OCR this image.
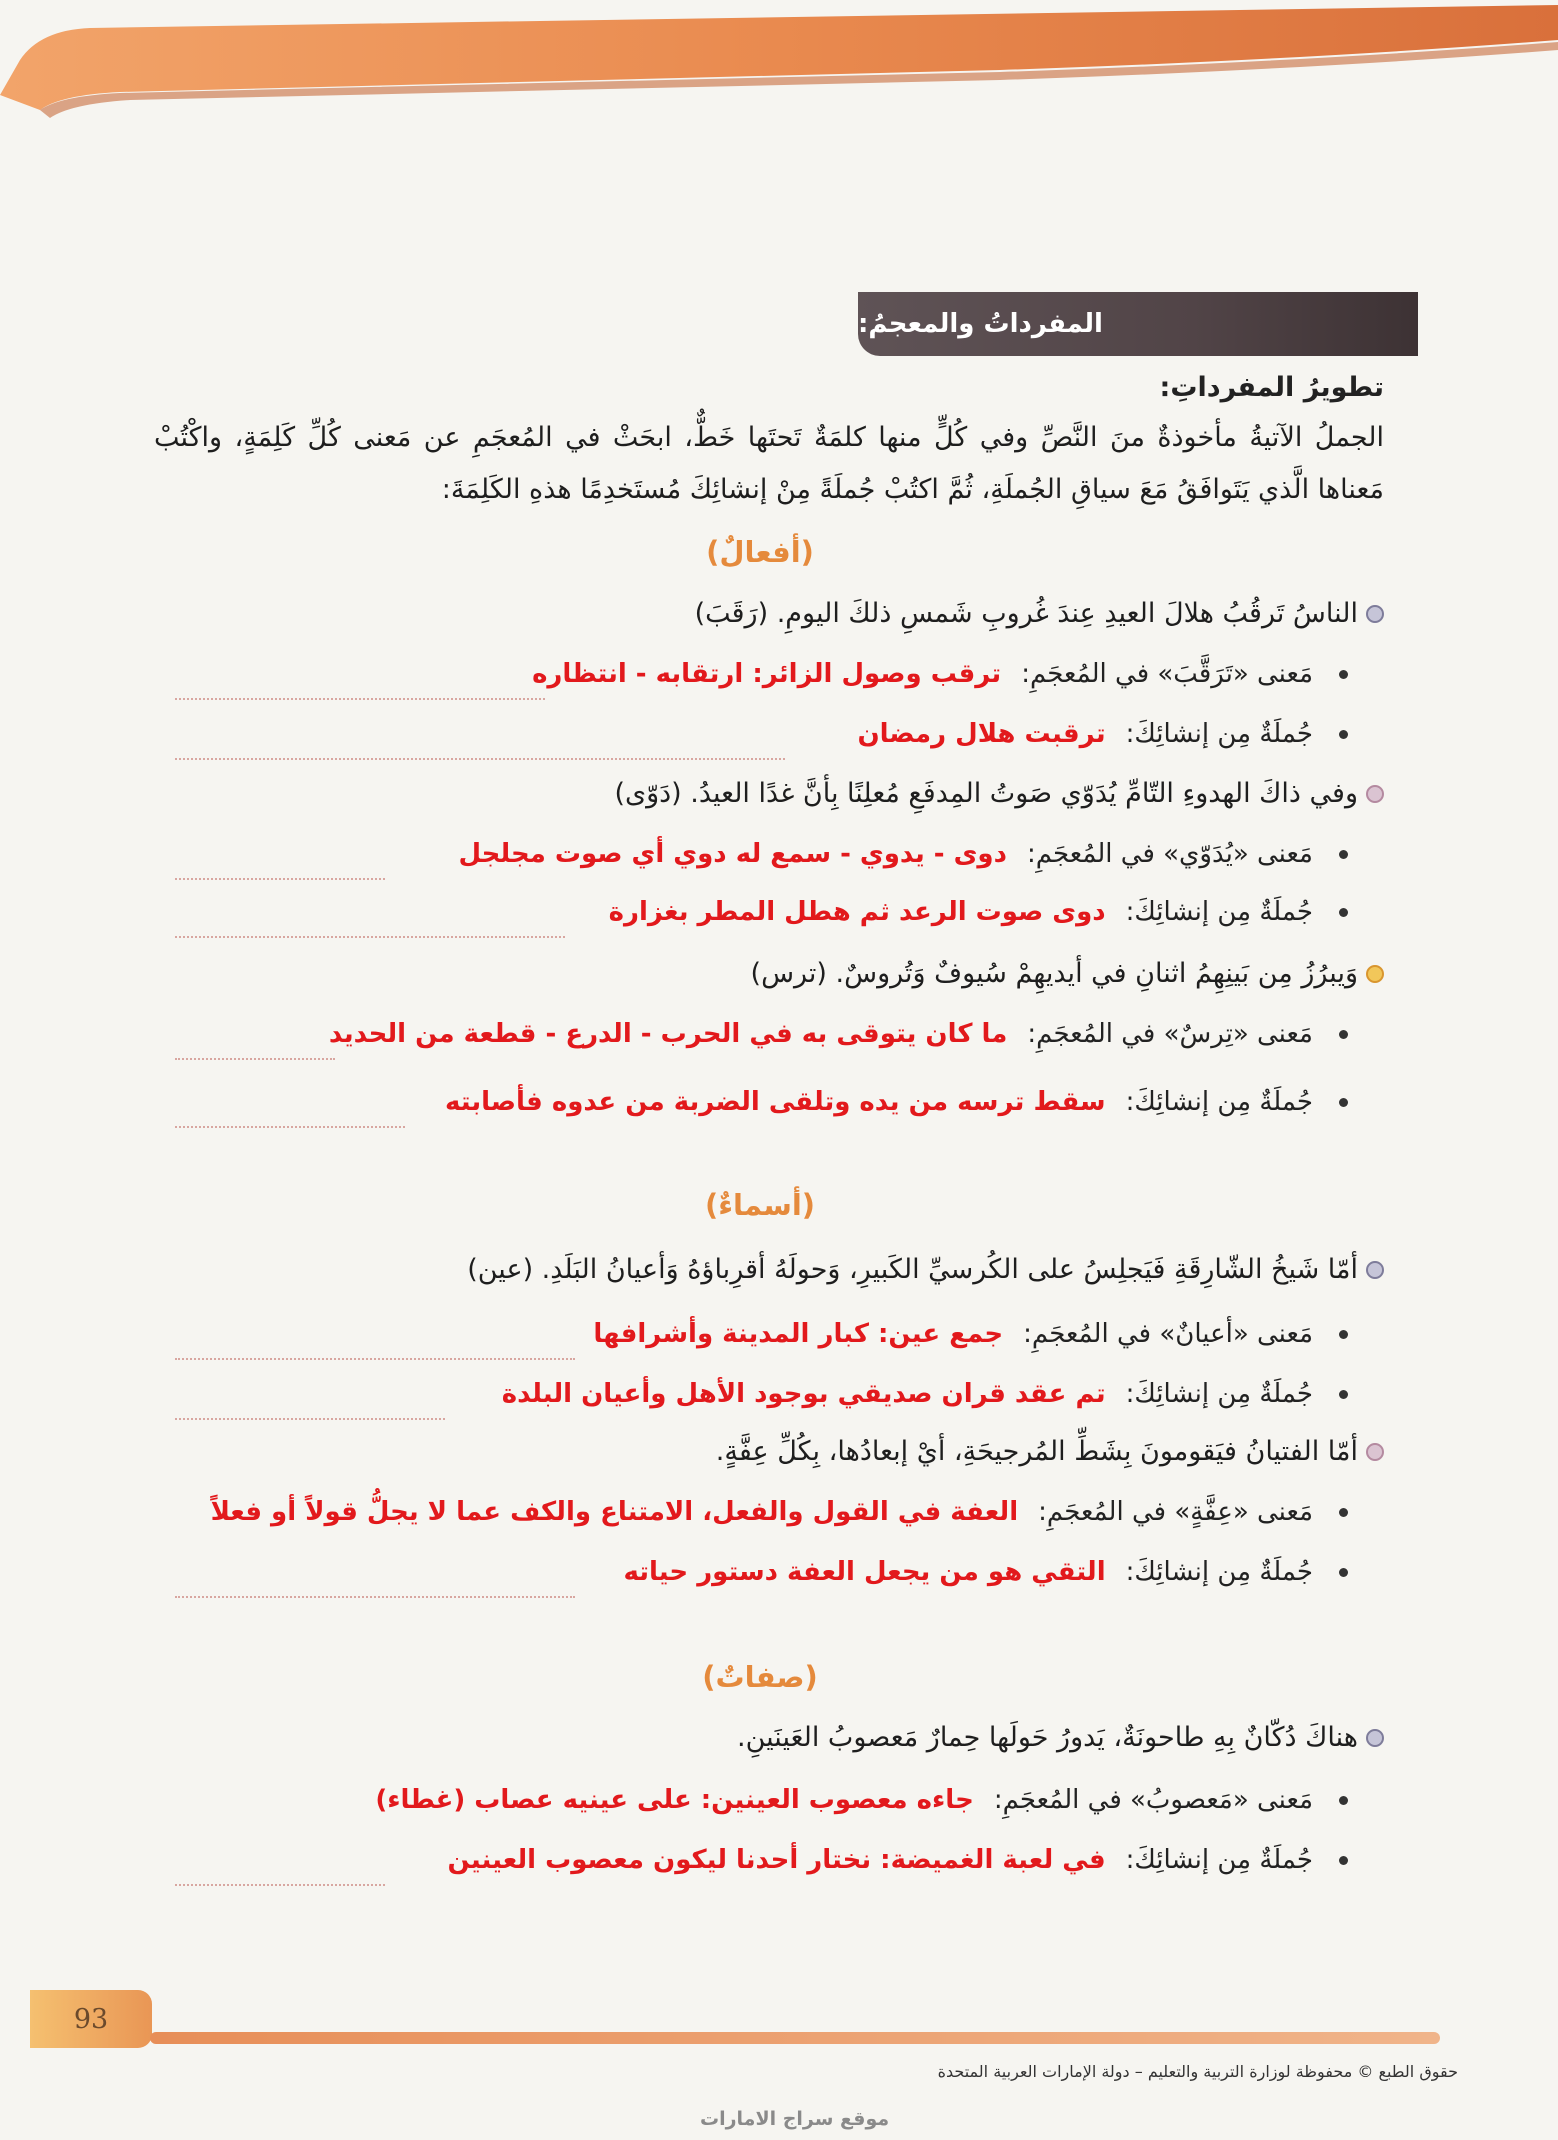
المفرداتُ والمعجمُ:
تطويرُ المفرداتِ:
الجملُ الآتيةُ مأخوذةٌ منَ النَّصِّ وفي كُلٍّ منها كلمَةٌ تَحتَها خَطٌّ، ابحَثْ في المُعجَمِ عن مَعنى كُلِّ كَلِمَةٍ، واكْتُبْ مَعناها الَّذي يَتَوافَقُ مَعَ سياقِ الجُملَةِ، ثُمَّ اكتُبْ جُملَةً مِنْ إنشائِكَ مُستَخدِمًا هذهِ الكَلِمَةَ:
(أفعالٌ)
الناسُ تَرقُبُ هلالَ العيدِ عِندَ غُروبِ شَمسِ ذلكَ اليومِ. (رَقَبَ)
مَعنى «تَرَقَّبَ» في المُعجَمِ:
ترقب وصول الزائر: ارتقابه - انتظاره
جُملَةٌ مِن إنشائِكَ:
ترقبت هلال رمضان
وفي ذاكَ الهدوءِ التّامِّ يُدَوّي صَوتُ المِدفَعِ مُعلِنًا بِأنَّ غدًا العيدُ. (دَوّى)
مَعنى «يُدَوّي» في المُعجَمِ:
دوى - يدوي - سمع له دوي أي صوت مجلجل
جُملَةٌ مِن إنشائِكَ:
دوى صوت الرعد ثم هطل المطر بغزارة
وَيبرُزُ مِن بَينِهِمُ اثنانِ في أيديهِمْ سُيوفٌ وَتُروسٌ. (ترس)
مَعنى «تِرسٌ» في المُعجَمِ:
ما كان يتوقى به في الحرب - الدرع - قطعة من الحديد
جُملَةٌ مِن إنشائِكَ:
سقط ترسه من يده وتلقى الضربة من عدوه فأصابته
(أسماءٌ)
أمّا شَيخُ الشّارِقَةِ فَيَجلِسُ على الكُرسيِّ الكَبيرِ، وَحولَهُ أقرِباؤهُ وَأعيانُ البَلَدِ. (عين)
مَعنى «أعيانٌ» في المُعجَمِ:
جمع عين: كبار المدينة وأشرافها
جُملَةٌ مِن إنشائِكَ:
تم عقد قران صديقي بوجود الأهل وأعيان البلدة
أمّا الفتيانُ فيَقومونَ بِشَطِّ المُرجيحَةِ، أيْ إبعادُها، بِكُلِّ عِفَّةٍ.
مَعنى «عِفَّةٍ» في المُعجَمِ:
العفة في القول والفعل، الامتناع والكف عما لا يجلُّ قولاً أو فعلاً
جُملَةٌ مِن إنشائِكَ:
التقي هو من يجعل العفة دستور حياته
(صفاتٌ)
هناكَ دُكّانٌ بِهِ طاحونَةٌ، يَدورُ حَولَها حِمارٌ مَعصوبُ العَينَينِ.
مَعنى «مَعصوبُ» في المُعجَمِ:
جاءه معصوب العينين: على عينيه عصاب (غطاء)
جُملَةٌ مِن إنشائِكَ:
في لعبة الغميضة: نختار أحدنا ليكون معصوب العينين
93
حقوق الطبع © محفوظة لوزارة التربية والتعليم – دولة الإمارات العربية المتحدة
موقع سراج الامارات
